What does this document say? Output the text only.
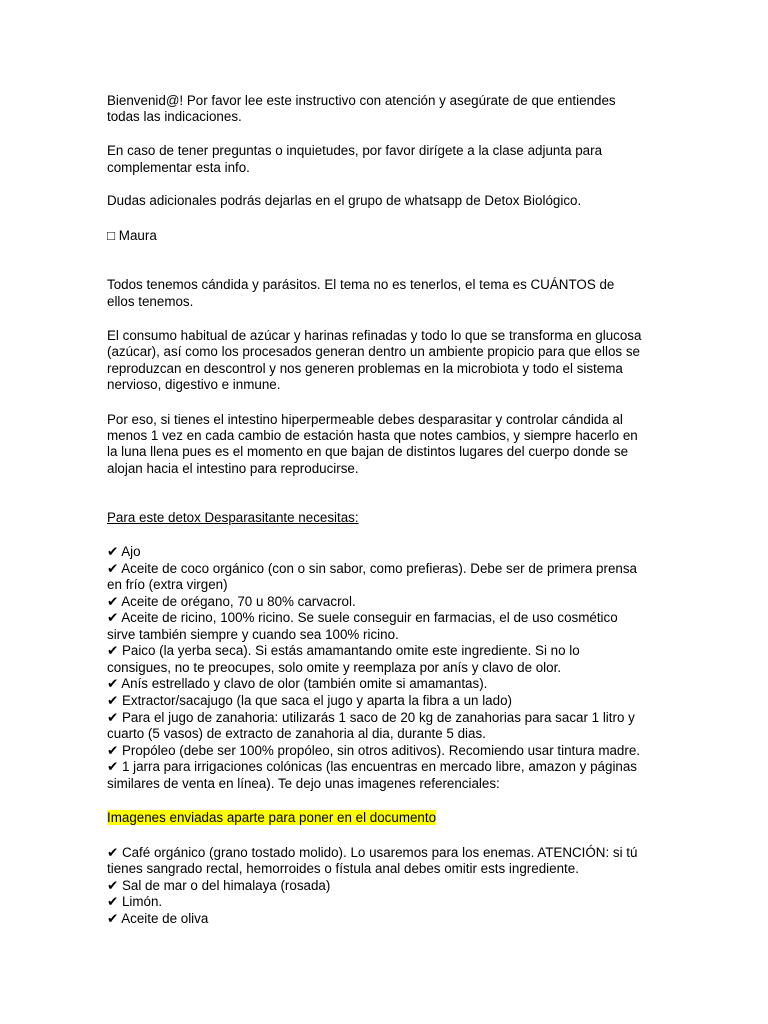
Bienvenid@! Por favor lee este instructivo con atención y asegúrate de que entiendes
todas las indicaciones.
En caso de tener preguntas o inquietudes, por favor dirígete a la clase adjunta para
complementar esta info.
Dudas adicionales podrás dejarlas en el grupo de whatsapp de Detox Biológico.
□ Maura
Todos tenemos cándida y parásitos. El tema no es tenerlos, el tema es CUÁNTOS de
ellos tenemos.
El consumo habitual de azúcar y harinas refinadas y todo lo que se transforma en glucosa
(azúcar), así como los procesados generan dentro un ambiente propicio para que ellos se
reproduzcan en descontrol y nos generen problemas en la microbiota y todo el sistema
nervioso, digestivo e inmune.
Por eso, si tienes el intestino hiperpermeable debes desparasitar y controlar cándida al
menos 1 vez en cada cambio de estación hasta que notes cambios, y siempre hacerlo en
la luna llena pues es el momento en que bajan de distintos lugares del cuerpo donde se
alojan hacia el intestino para reproducirse.
Para este detox Desparasitante necesitas:
✔ Ajo
✔ Aceite de coco orgánico (con o sin sabor, como prefieras). Debe ser de primera prensa
en frío (extra virgen)
✔ Aceite de orégano, 70 u 80% carvacrol.
✔ Aceite de ricino, 100% ricino. Se suele conseguir en farmacias, el de uso cosmético
sirve también siempre y cuando sea 100% ricino.
✔ Paico (la yerba seca). Si estás amamantando omite este ingrediente. Si no lo
consigues, no te preocupes, solo omite y reemplaza por anís y clavo de olor.
✔ Anís estrellado y clavo de olor (también omite si amamantas).
✔ Extractor/sacajugo (la que saca el jugo y aparta la fibra a un lado)
✔ Para el jugo de zanahoria: utilizarás 1 saco de 20 kg de zanahorias para sacar 1 litro y
cuarto (5 vasos) de extracto de zanahoria al dia, durante 5 dias.
✔ Propóleo (debe ser 100% propóleo, sin otros aditivos). Recomiendo usar tintura madre.
✔ 1 jarra para irrigaciones colónicas (las encuentras en mercado libre, amazon y páginas
similares de venta en línea). Te dejo unas imagenes referenciales:
Imagenes enviadas aparte para poner en el documento
✔ Café orgánico (grano tostado molido). Lo usaremos para los enemas. ATENCIÓN: si tú
tienes sangrado rectal, hemorroides o fístula anal debes omitir ests ingrediente.
✔ Sal de mar o del himalaya (rosada)
✔ Limón.
✔ Aceite de oliva
